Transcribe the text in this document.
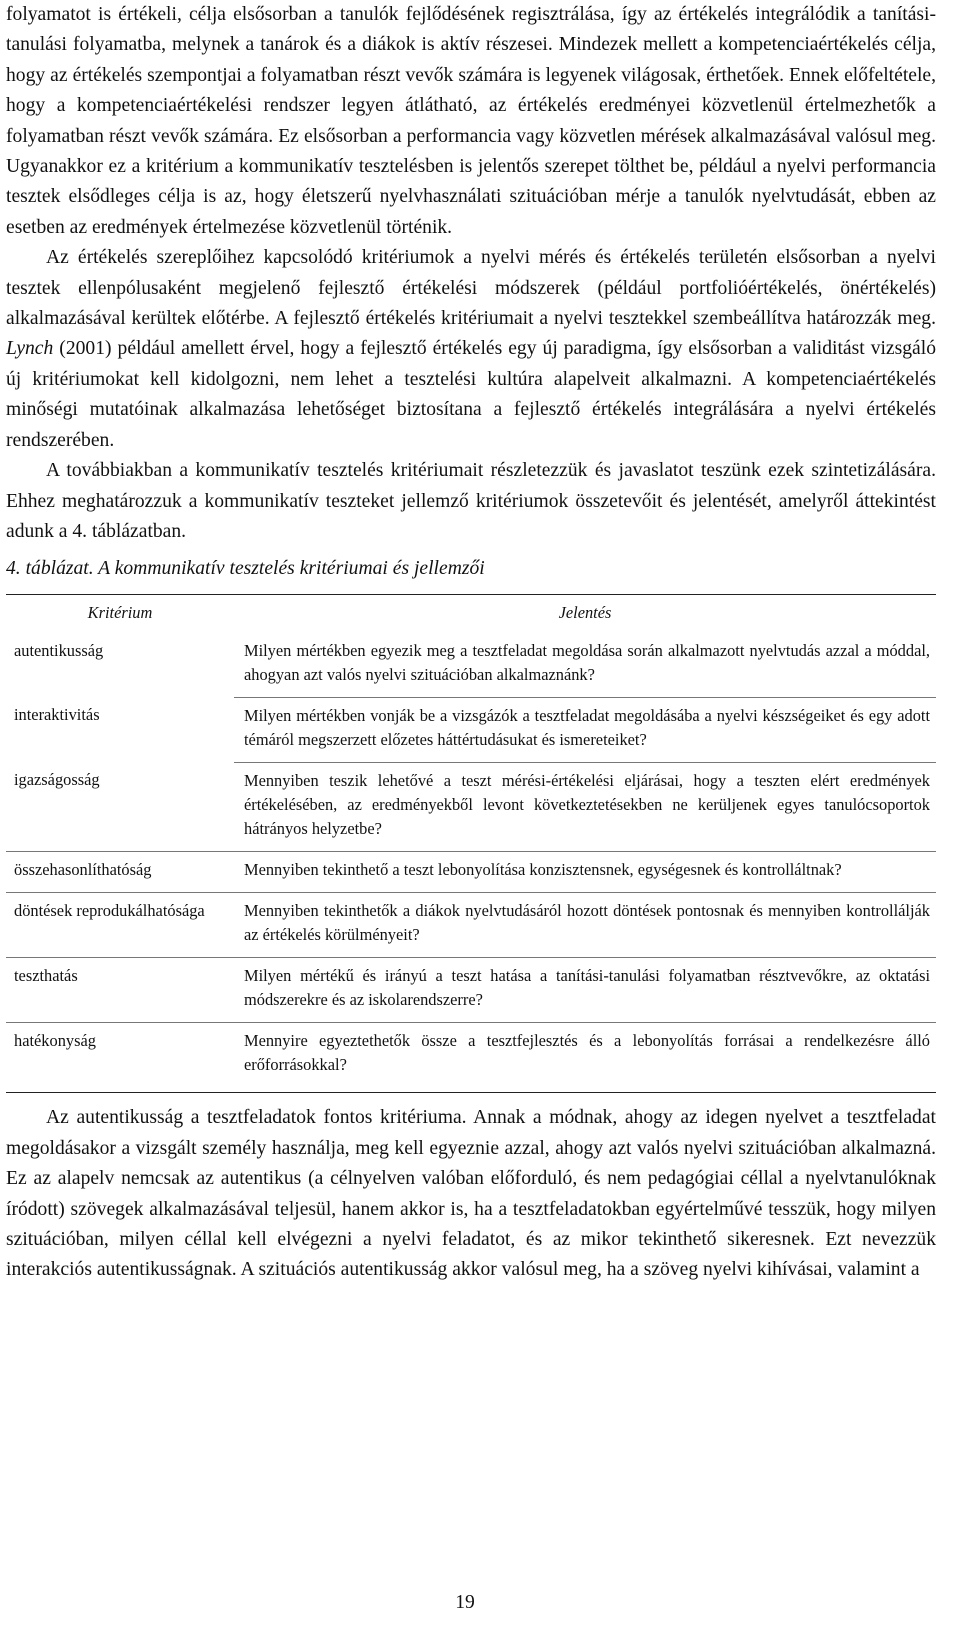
folyamatot is értékeli, célja elsősorban a tanulók fejlődésének regisztrálása, így az értékelés integrálódik a tanítási-tanulási folyamatba, melynek a tanárok és a diákok is aktív részesei. Mindezek mellett a kompetenciaértékelés célja, hogy az értékelés szempontjai a folyamatban részt vevők számára is legyenek világosak, érthetőek. Ennek előfeltétele, hogy a kompetenciaértékelési rendszer legyen átlátható, az értékelés eredményei közvetlenül értelmezhetők a folyamatban részt vevők számára. Ez elsősorban a performancia vagy közvetlen mérések alkalmazásával valósul meg. Ugyanakkor ez a kritérium a kommunikatív tesztelésben is jelentős szerepet tölthet be, például a nyelvi performancia tesztek elsődleges célja is az, hogy életszerű nyelvhasználati szituációban mérje a tanulók nyelvtudását, ebben az esetben az eredmények értelmezése közvetlenül történik.

Az értékelés szereplőihez kapcsolódó kritériumok a nyelvi mérés és értékelés területén elsősorban a nyelvi tesztek ellenpólusaként megjelenő fejlesztő értékelési módszerek (például portfolióértékelés, önértékelés) alkalmazásával kerültek előtérbe. A fejlesztő értékelés kritériumait a nyelvi tesztekkel szembeállítva határozzák meg. Lynch (2001) például amellett érvel, hogy a fejlesztő értékelés egy új paradigma, így elsősorban a validitást vizsgáló új kritériumokat kell kidolgozni, nem lehet a tesztelési kultúra alapelveit alkalmazni. A kompetenciaértékelés minőségi mutatóinak alkalmazása lehetőséget biztosítana a fejlesztő értékelés integrálására a nyelvi értékelés rendszerében.

A továbbiakban a kommunikatív tesztelés kritériumait részletezzük és javaslatot teszünk ezek szintetizálására. Ehhez meghatározzuk a kommunikatív teszteket jellemző kritériumok összetevőit és jelentését, amelyről áttekintést adunk a 4. táblázatban.

4. táblázat. A kommunikatív tesztelés kritériumai és jellemzői

Kritérium	Jelentés
autentikusság	Milyen mértékben egyezik meg a tesztfeladat megoldása során alkalmazott nyelvtudás azzal a móddal, ahogyan azt valós nyelvi szituációban alkalmaznánk?
interaktivitás	Milyen mértékben vonják be a vizsgázók a tesztfeladat megoldásába a nyelvi készségeiket és egy adott témáról megszerzett előzetes háttértudásukat és ismereteiket?
igazságosság	Mennyiben teszik lehetővé a teszt mérési-értékelési eljárásai, hogy a teszten elért eredmények értékelésében, az eredményekből levont következtetésekben ne kerüljenek egyes tanulócsoportok hátrányos helyzetbe?
összehasonlíthatóság	Mennyiben tekinthető a teszt lebonyolítása konzisztensnek, egységesnek és kontrolláltnak?
döntések reprodukálhatósága	Mennyiben tekinthetők a diákok nyelvtudásáról hozott döntések pontosnak és mennyiben kontrollálják az értékelés körülményeit?
teszthatás	Milyen mértékű és irányú a teszt hatása a tanítási-tanulási folyamatban résztvevőkre, az oktatási módszerekre és az iskolarendszerre?
hatékonyság	Mennyire egyeztethetők össze a tesztfejlesztés és a lebonyolítás forrásai a rendelkezésre álló erőforrásokkal?

Az autentikusság a tesztfeladatok fontos kritériuma. Annak a módnak, ahogy az idegen nyelvet a tesztfeladat megoldásakor a vizsgált személy használja, meg kell egyeznie azzal, ahogy azt valós nyelvi szituációban alkalmazná. Ez az alapelv nemcsak az autentikus (a célnyelven valóban előforduló, és nem pedagógiai céllal a nyelvtanulóknak íródott) szövegek alkalmazásával teljesül, hanem akkor is, ha a tesztfeladatokban egyértelművé tesszük, hogy milyen szituációban, milyen céllal kell elvégezni a nyelvi feladatot, és az mikor tekinthető sikeresnek. Ezt nevezzük interakciós autentikusságnak. A szituációs autentikusság akkor valósul meg, ha a szöveg nyelvi kihívásai, valamint a

19
